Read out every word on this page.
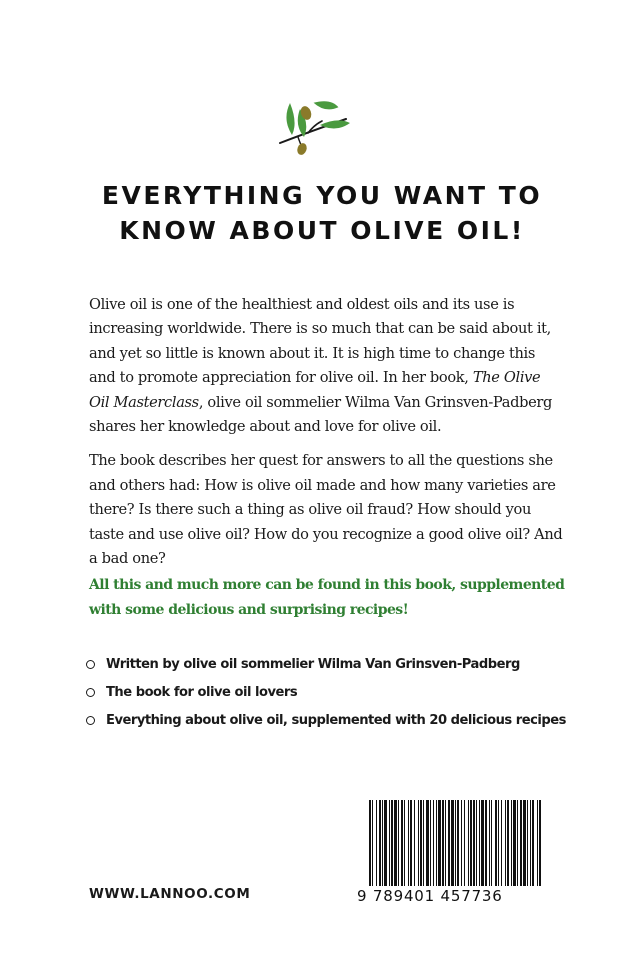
EVERYTHING YOU WANT TO
KNOW ABOUT OLIVE OIL!

Olive oil is one of the healthiest and oldest oils and its use is increasing worldwide. There is so much that can be said about it, and yet so little is known about it. It is high time to change this and to promote appreciation for olive oil. In her book, The Olive Oil Masterclass, olive oil sommelier Wilma Van Grinsven-Padberg shares her knowledge about and love for olive oil.

The book describes her quest for answers to all the questions she and others had: How is olive oil made and how many varieties are there? Is there such a thing as olive oil fraud? How should you taste and use olive oil? How do you recognize a good olive oil? And a bad one?

All this and much more can be found in this book, supplemented with some delicious and surprising recipes!
Written by olive oil sommelier Wilma Van Grinsven-Padberg
The book for olive oil lovers
Everything about olive oil, supplemented with 20 delicious recipes
WWW.LANNOO.COM	9 789401 457736
